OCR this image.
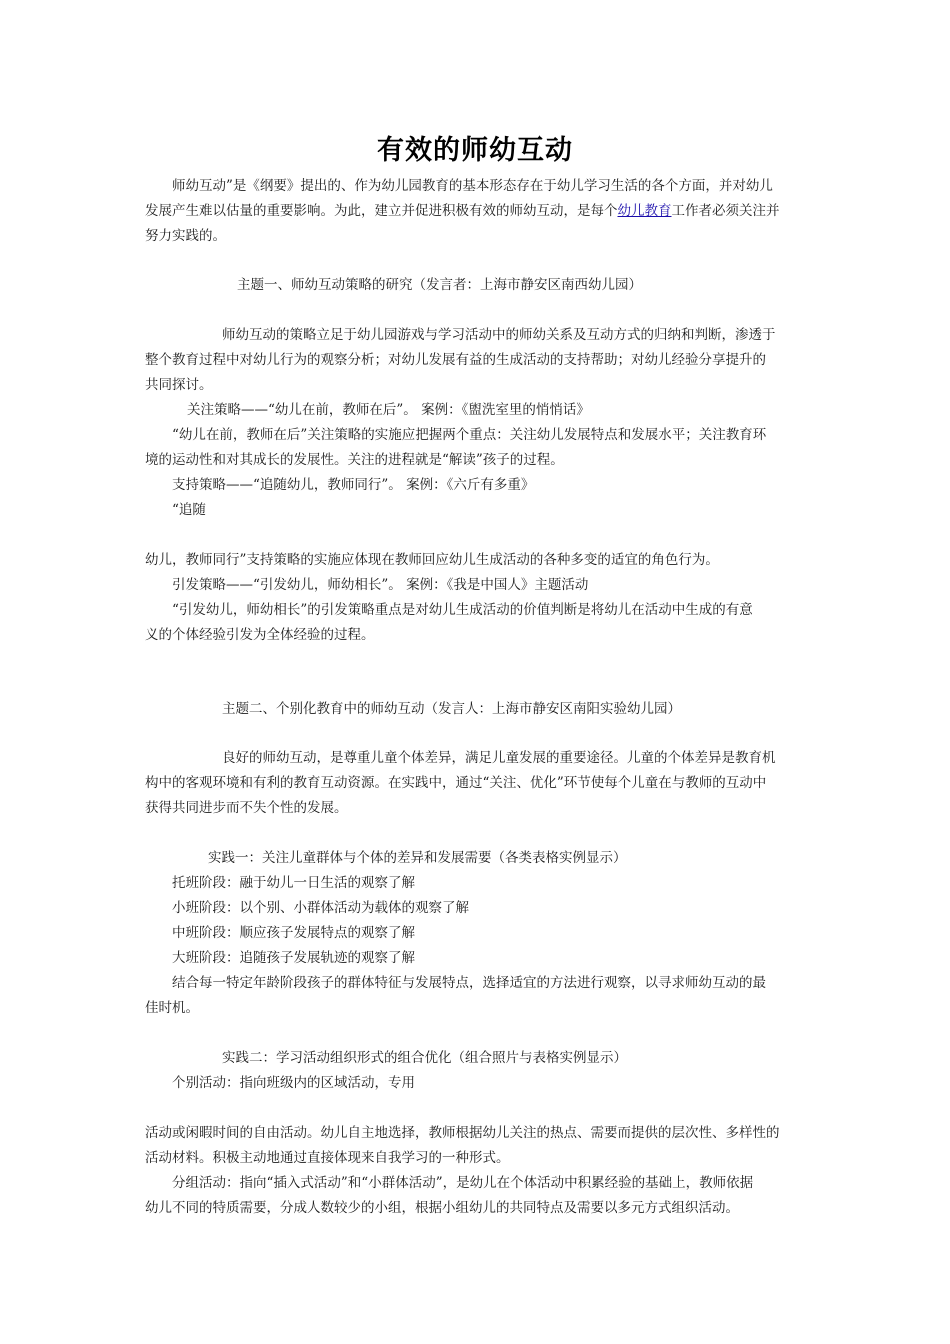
有效的师幼互动
师幼互动”是《纲要》提出的、作为幼儿园教育的基本形态存在于幼儿学习生活的各个方面，并对幼儿
发展产生难以估量的重要影响。为此，建立并促进积极有效的师幼互动，是每个幼儿教育工作者必须关注并
努力实践的。
主题一、师幼互动策略的研究（发言者：上海市静安区南西幼儿园）
师幼互动的策略立足于幼儿园游戏与学习活动中的师幼关系及互动方式的归纳和判断，渗透于
整个教育过程中对幼儿行为的观察分析；对幼儿发展有益的生成活动的支持帮助；对幼儿经验分享提升的
共同探讨。
关注策略——“幼儿在前，教师在后”。 案例：《盥洗室里的悄悄话》
“幼儿在前，教师在后”关注策略的实施应把握两个重点：关注幼儿发展特点和发展水平；关注教育环
境的运动性和对其成长的发展性。关注的进程就是“解读”孩子的过程。
支持策略——“追随幼儿，教师同行”。 案例：《六斤有多重》
“追随
幼儿，教师同行”支持策略的实施应体现在教师回应幼儿生成活动的各种多变的适宜的角色行为。
引发策略——“引发幼儿，师幼相长”。 案例：《我是中国人》主题活动
“引发幼儿，师幼相长”的引发策略重点是对幼儿生成活动的价值判断是将幼儿在活动中生成的有意
义的个体经验引发为全体经验的过程。
主题二、个别化教育中的师幼互动（发言人：上海市静安区南阳实验幼儿园）
良好的师幼互动，是尊重儿童个体差异，满足儿童发展的重要途径。儿童的个体差异是教育机
构中的客观环境和有利的教育互动资源。在实践中，通过“关注、优化”环节使每个儿童在与教师的互动中
获得共同进步而不失个性的发展。
实践一：关注儿童群体与个体的差异和发展需要（各类表格实例显示）
托班阶段：融于幼儿一日生活的观察了解
小班阶段：以个别、小群体活动为载体的观察了解
中班阶段：顺应孩子发展特点的观察了解
大班阶段：追随孩子发展轨迹的观察了解
结合每一特定年龄阶段孩子的群体特征与发展特点，选择适宜的方法进行观察，以寻求师幼互动的最
佳时机。
实践二：学习活动组织形式的组合优化（组合照片与表格实例显示）
个别活动：指向班级内的区域活动，专用
活动或闲暇时间的自由活动。幼儿自主地选择，教师根据幼儿关注的热点、需要而提供的层次性、多样性的
活动材料。积极主动地通过直接体现来自我学习的一种形式。
分组活动：指向“插入式活动”和“小群体活动”，是幼儿在个体活动中积累经验的基础上，教师依据
幼儿不同的特质需要，分成人数较少的小组，根据小组幼儿的共同特点及需要以多元方式组织活动。
